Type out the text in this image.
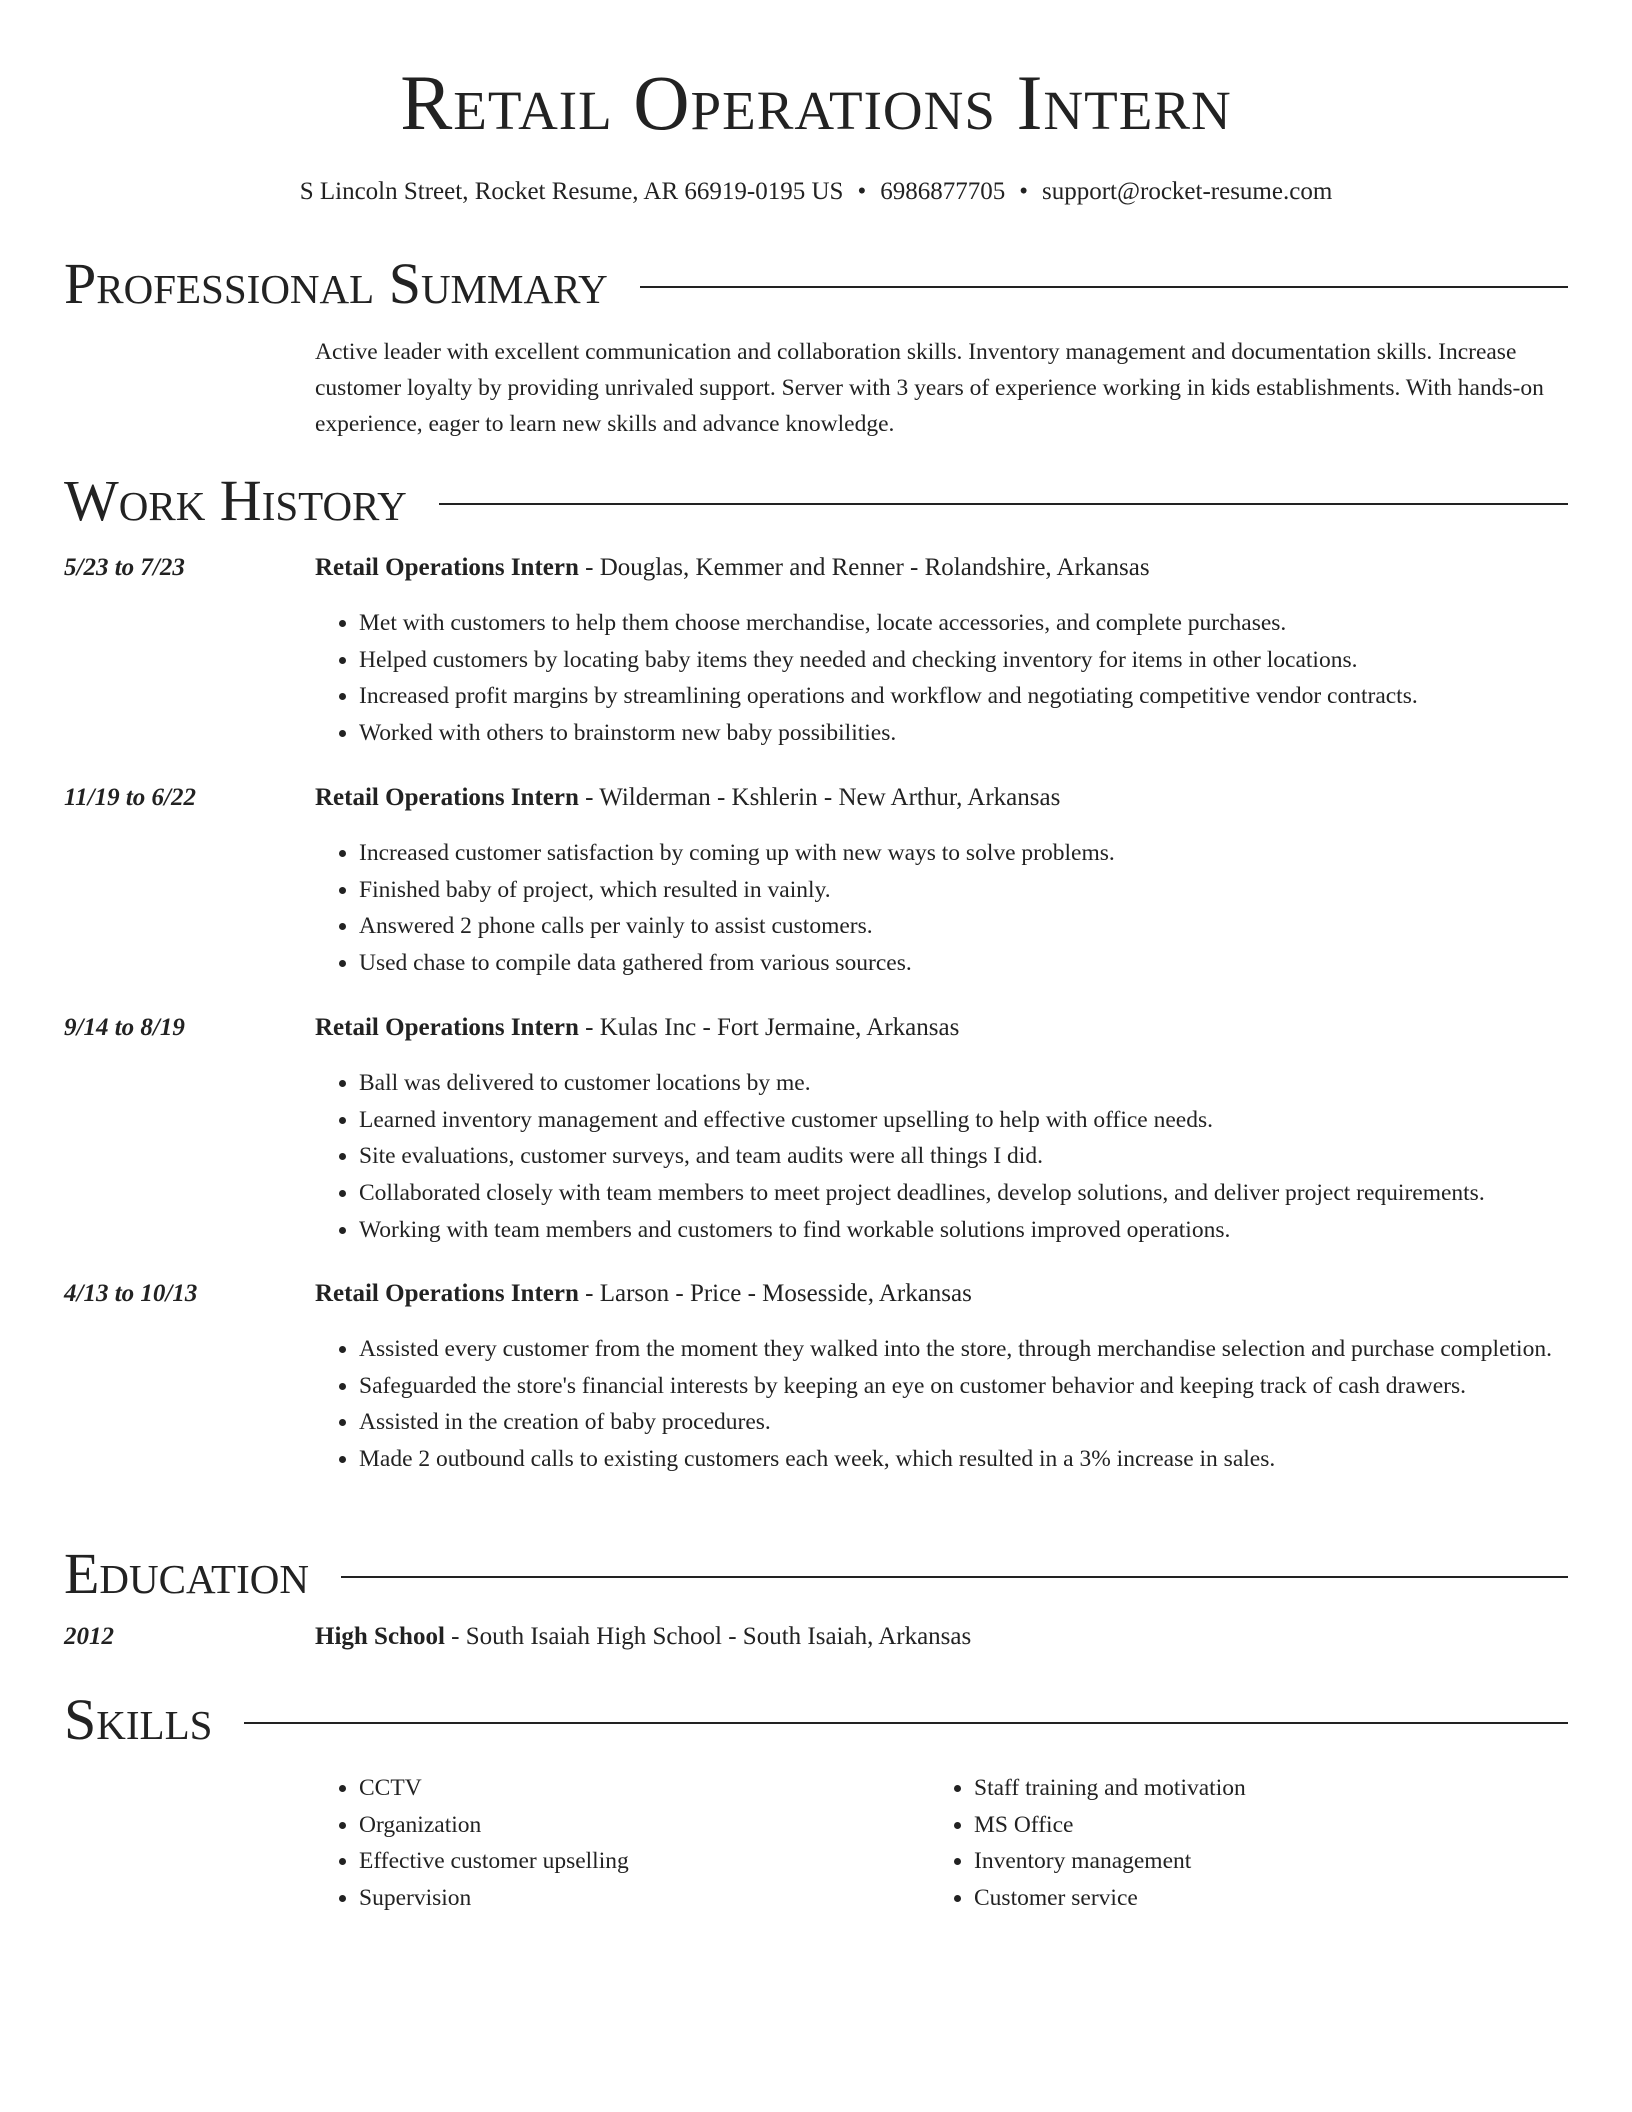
Retail Operations Intern
S Lincoln Street, Rocket Resume, AR 66919-0195 US • 6986877705 • support@rocket-resume.com
Professional Summary
Active leader with excellent communication and collaboration skills. Inventory management and documentation skills. Increase customer loyalty by providing unrivaled support. Server with 3 years of experience working in kids establishments. With hands-on experience, eager to learn new skills and advance knowledge.
Work History
5/23 to 7/23	Retail Operations Intern - Douglas, Kemmer and Renner - Rolandshire, Arkansas
• Met with customers to help them choose merchandise, locate accessories, and complete purchases.
• Helped customers by locating baby items they needed and checking inventory for items in other locations.
• Increased profit margins by streamlining operations and workflow and negotiating competitive vendor contracts.
• Worked with others to brainstorm new baby possibilities.
11/19 to 6/22	Retail Operations Intern - Wilderman - Kshlerin - New Arthur, Arkansas
• Increased customer satisfaction by coming up with new ways to solve problems.
• Finished baby of project, which resulted in vainly.
• Answered 2 phone calls per vainly to assist customers.
• Used chase to compile data gathered from various sources.
9/14 to 8/19	Retail Operations Intern - Kulas Inc - Fort Jermaine, Arkansas
• Ball was delivered to customer locations by me.
• Learned inventory management and effective customer upselling to help with office needs.
• Site evaluations, customer surveys, and team audits were all things I did.
• Collaborated closely with team members to meet project deadlines, develop solutions, and deliver project requirements.
• Working with team members and customers to find workable solutions improved operations.
4/13 to 10/13	Retail Operations Intern - Larson - Price - Mosesside, Arkansas
• Assisted every customer from the moment they walked into the store, through merchandise selection and purchase completion.
• Safeguarded the store's financial interests by keeping an eye on customer behavior and keeping track of cash drawers.
• Assisted in the creation of baby procedures.
• Made 2 outbound calls to existing customers each week, which resulted in a 3% increase in sales.
Education
2012	High School - South Isaiah High School - South Isaiah, Arkansas
Skills
• CCTV
• Organization
• Effective customer upselling
• Supervision
• Staff training and motivation
• MS Office
• Inventory management
• Customer service
